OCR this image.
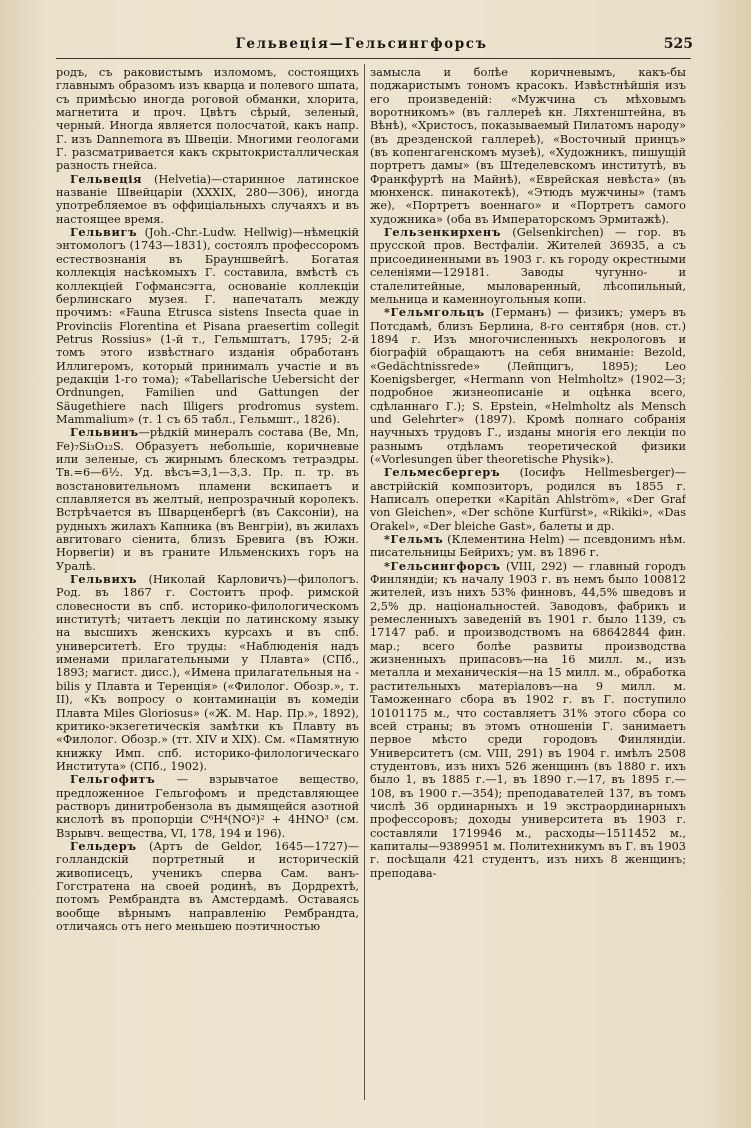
Гельвеція—Гельсингфорсъ	525

родъ, съ раковистымъ изломомъ, состоящихъ главнымъ образомъ изъ кварца и полевого шпата, съ примѣсью иногда роговой обманки, хлорита, магнетита и проч. Цвѣтъ сѣрый, зеленый, черный. Иногда является полосчатой, какъ напр. Г. изъ Dannemora въ Швеціи. Многими геологами Г. разсматривается какъ скрытокристаллическая разность гнейса.

Гельвеція (Helvetia)—старинное латинское названіе Швейцаріи (XXXIX, 280—306), иногда употребляемое въ оффиціальныхъ случаяхъ и въ настоящее время.

Гельвигъ (Joh.-Chr.-Ludw. Hellwig)—нѣмецкій энтомологъ (1743—1831), состоялъ профессоромъ естествознанія въ Брауншвейгѣ. Богатая коллекція насѣкомыхъ Г. составила, вмѣстѣ съ коллекціей Гофмансэгга, основаніе коллекціи берлинскаго музея. Г. напечаталъ между прочимъ: «Fauna Etrusca sistens Insecta quae in Provinciis Florentina et Pisana praesertim collegit Petrus Rossius» (1-й т., Гельмштатъ, 1795; 2-й томъ этого извѣстнаго изданія обработанъ Иллигеромъ, который принималъ участіе и въ редакціи 1-го тома); «Tabellarische Uebersicht der Ordnungen, Familien und Gattungen der Säugethiere nach Illigers prodromus system. Mammalium» (т. 1 съ 65 табл., Гельмшт., 1826).

Гельвинъ—рѣдкій минералъ состава (Be, Mn, Fe)₇Si₃O₁₂S. Образуетъ небольшіе, коричневые или зеленые, съ жирнымъ блескомъ тетраэдры. Тв.=6—6½. Уд. вѣсъ=3,1—3,3. Пр. п. тр. въ возстановительномъ пламени вскипаетъ и сплавляется въ желтый, непрозрачный королекъ. Встрѣчается въ Шварценбергѣ (въ Саксоніи), на рудныхъ жилахъ Капника (въ Венгріи), въ жилахъ авгитоваго сіенита, близъ Бревига (въ Южн. Норвегіи) и въ граните Ильменскихъ горъ на Уралѣ.

Гельвихъ (Николай Карловичъ)—филологъ. Род. въ 1867 г. Состоитъ проф. римской словесности въ спб. историко-филологическомъ институтѣ; читаетъ лекціи по латинскому языку на высшихъ женскихъ курсахъ и въ спб. университетѣ. Его труды: «Наблюденія надъ именами прилагательными у Плавта» (СПб., 1893; магист. дисс.), «Имена прилагательныя на -bilis у Плавта и Теренція» («Филолог. Обозр.», т. II), «Къ вопросу о контаминаціи въ комедіи Плавта Miles Gloriosus» («Ж. М. Нар. Пр.», 1892), критико-экзегетическія замѣтки къ Плавту въ «Филолог. Обозр.» (тт. XIV и XIX). См. «Памятную книжку Имп. спб. историко-филологическаго Института» (СПб., 1902).

Гельгофитъ — взрывчатое вещество, предложенное Гельгофомъ и представляющее растворъ динитробензола въ дымящейся азотной кислотѣ въ пропорціи C⁶H⁴(NO²)² + 4HNO³ (см. Взрывч. вещества, VI, 178, 194 и 196).

Гельдеръ (Артъ de Geldor, 1645—1727)—голландскій портретный и историческій живописецъ, ученикъ сперва Сам. ванъ-Гогстратена на своей родинѣ, въ Дордрехтѣ, потомъ Рембрандта въ Амстердамѣ. Оставаясь вообще вѣрнымъ направленію Рембрандта, отличаясь отъ него меньшею поэтичностью

замысла и болѣе коричневымъ, какъ-бы поджаристымъ тономъ красокъ. Извѣстнѣйшія изъ его произведеній: «Мужчина съ мѣховымъ воротникомъ» (въ галлереѣ кн. Ляхтенштейна, въ Вѣнѣ), «Христосъ, показываемый Пилатомъ народу» (въ дрезденской галлереѣ), «Восточный принцъ» (въ копенгагенскомъ музеѣ), «Художникъ, пишущій портретъ дамы» (въ Штеделевскомъ институтѣ, въ Франкфуртѣ на Майнѣ), «Еврейская невѣста» (въ мюнхенск. пинакотекѣ), «Этюдъ мужчины» (тамъ же), «Портретъ военнаго» и «Портретъ самого художника» (оба въ Императорскомъ Эрмитажѣ).

Гельзенкирхенъ (Gelsenkirchen) — гор. въ прусской пров. Вестфаліи. Жителей 36935, а съ присоединенными въ 1903 г. къ городу окрестными селеніями—129181. Заводы чугунно- и сталелитейные, мыловаренный, лѣсопильный, мельница и каменноугольныя копи.

*Гельмгольцъ (Германъ) — физикъ; умеръ въ Потсдамѣ, близъ Берлина, 8-го сентября (нов. ст.) 1894 г. Изъ многочисленныхъ некрологовъ и біографій обращаютъ на себя вниманіе: Bezold, «Gedächtnissrede» (Лейпцигъ, 1895); Leo Koenigsberger, «Hermann von Helmholtz» (1902—3; подробное жизнеописаніе и оцѣнка всего, сдѣланнаго Г.); S. Epstein, «Helmholtz als Mensch und Gelehrter» (1897). Кромѣ полнаго собранія научныхъ трудовъ Г., изданы многія его лекціи по разнымъ отдѣламъ теоретической физики («Vorlesungen über theoretische Physik»).

Гельмесбергеръ (Іосифъ Hellmesberger)—австрійскій композиторъ, родился въ 1855 г. Написалъ оперетки «Kapitän Ahlström», «Der Graf von Gleichen», «Der schöne Kurfürst», «Rikiki», «Das Orakel», «Der bleiche Gast», балеты и др.

*Гельмъ (Клементина Helm) — псевдонимъ нѣм. писательницы Бейрихъ; ум. въ 1896 г.

*Гельсингфорсъ (VIII, 292) — главный городъ Финляндіи; къ началу 1903 г. въ немъ было 100812 жителей, изъ нихъ 53% финновъ, 44,5% шведовъ и 2,5% др. національностей. Заводовъ, фабрикъ и ремесленныхъ заведеній въ 1901 г. было 1139, съ 17147 раб. и производствомъ на 68642844 фин. мар.; всего болѣе развиты производства жизненныхъ припасовъ—на 16 милл. м., изъ металла и механическія—на 15 милл. м., обработка растительныхъ матеріаловъ—на 9 милл. м. Таможеннаго сбора въ 1902 г. въ Г. поступило 10101175 м., что составляетъ 31% этого сбора со всей страны; въ этомъ отношеніи Г. занимаетъ первое мѣсто среди городовъ Финляндіи. Университетъ (см. VIII, 291) въ 1904 г. имѣлъ 2508 студентовъ, изъ нихъ 526 женщинъ (въ 1880 г. ихъ было 1, въ 1885 г.—1, въ 1890 г.—17, въ 1895 г.—108, въ 1900 г.—354); преподавателей 137, въ томъ числѣ 36 ординарныхъ и 19 экстраординарныхъ профессоровъ; доходы университета въ 1903 г. составляли 1719946 м., расходы—1511452 м., капиталы—9389951 м. Политехникумъ въ Г. въ 1903 г. посѣщали 421 студентъ, изъ нихъ 8 женщинъ; преподава-
